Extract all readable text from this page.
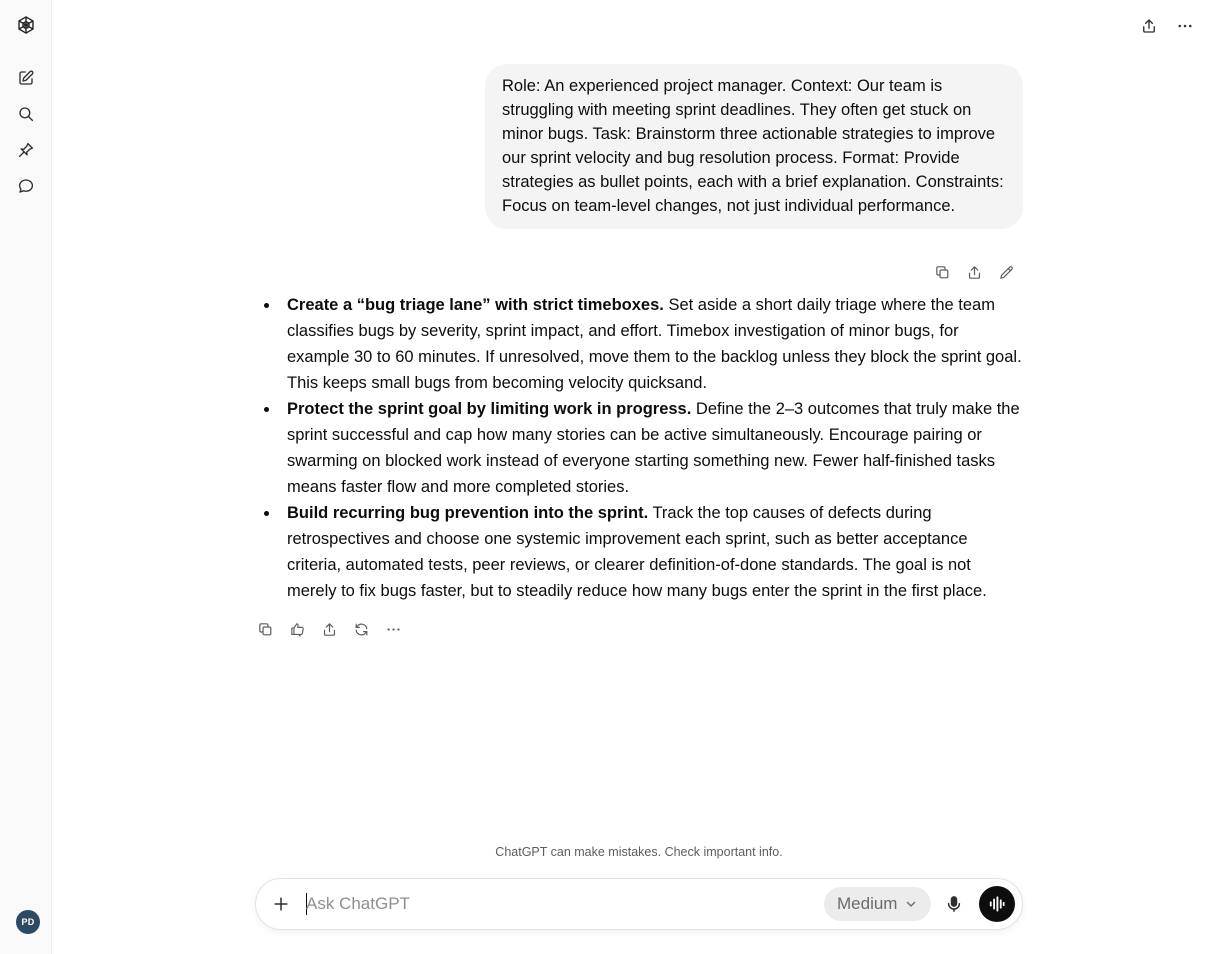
PD
Role: An experienced project manager. Context: Our team is struggling with meeting sprint deadlines. They often get stuck on minor bugs. Task: Brainstorm three actionable strategies to improve our sprint velocity and bug resolution process. Format: Provide strategies as bullet points, each with a brief explanation. Constraints: Focus on team-level changes, not just individual performance.
Create a “bug triage lane” with strict timeboxes. Set aside a short daily triage where the team classifies bugs by severity, sprint impact, and effort. Timebox investigation of minor bugs, for example 30 to 60 minutes. If unresolved, move them to the backlog unless they block the sprint goal. This keeps small bugs from becoming velocity quicksand.
Protect the sprint goal by limiting work in progress. Define the 2–3 outcomes that truly make the sprint successful and cap how many stories can be active simultaneously. Encourage pairing or swarming on blocked work instead of everyone starting something new. Fewer half-finished tasks means faster flow and more completed stories.
Build recurring bug prevention into the sprint. Track the top causes of defects during retrospectives and choose one systemic improvement each sprint, such as better acceptance criteria, automated tests, peer reviews, or clearer definition-of-done standards. The goal is not merely to fix bugs faster, but to steadily reduce how many bugs enter the sprint in the first place.
ChatGPT can make mistakes. Check important info.
Ask ChatGPT
Medium
